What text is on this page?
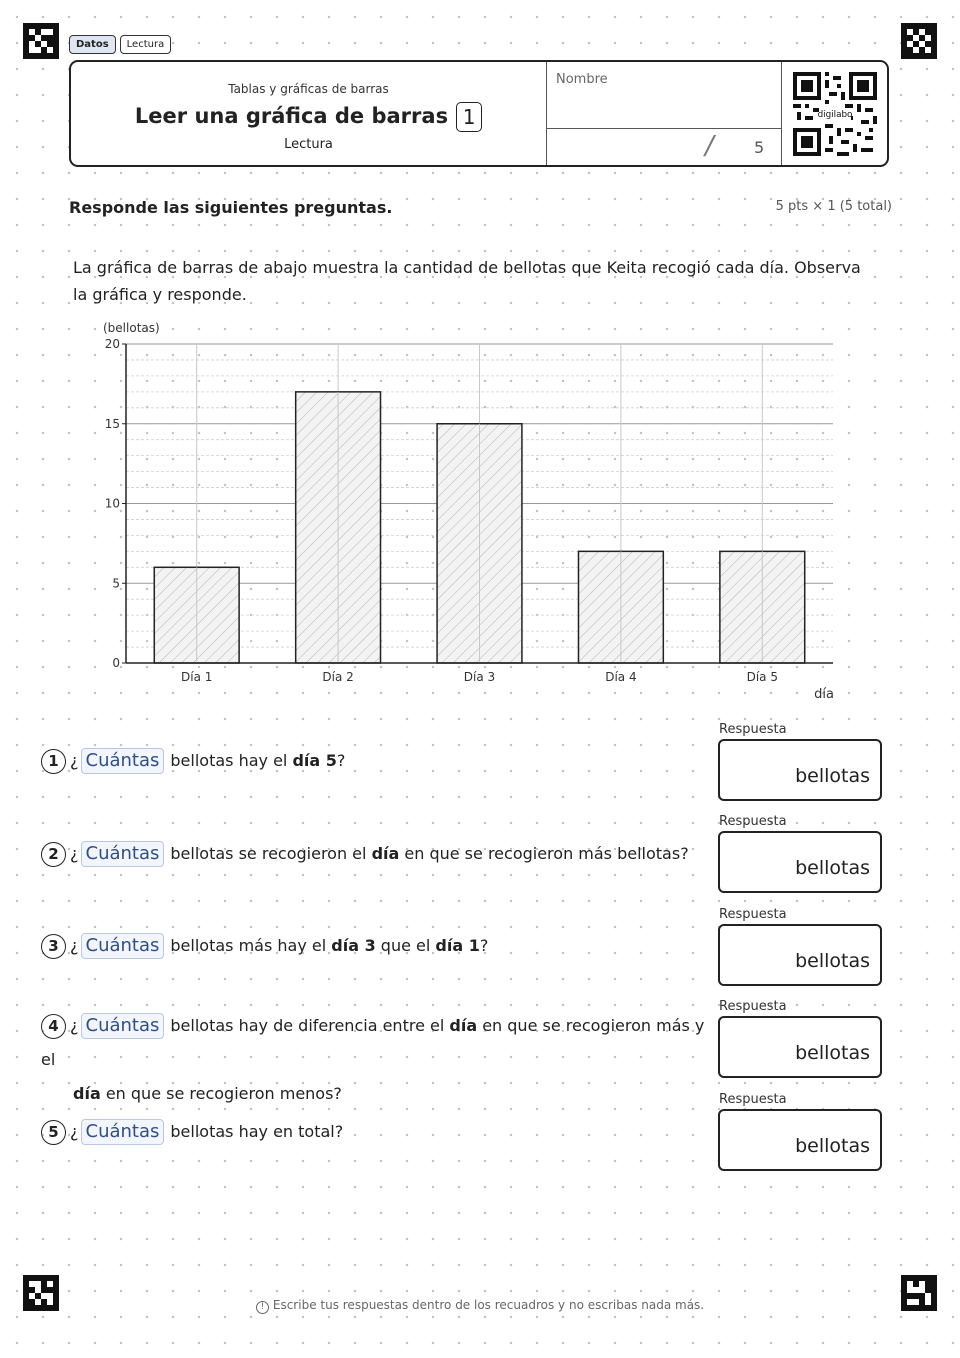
Datos	Lectura
Tablas y gráficas de barras
Leer una gráfica de barras 1
Lectura
Nombre
/	5
digilabo
Responde las siguientes preguntas.	5 pts × 1 (5 total)
La gráfica de barras de abajo muestra la cantidad de bellotas que Keita recogió cada día. Observa la gráfica y responde.
Día 5
Día 4
Día 3
Día 2
Día 1
20
15
10
5
0
(bellotas)
día
1 ¿ Cuántas bellotas hay el día 5?
Respuesta
bellotas
2 ¿ Cuántas bellotas se recogieron el día en que se recogieron más bellotas?
Respuesta
bellotas
3 ¿ Cuántas bellotas más hay el día 3 que el día 1?
Respuesta
bellotas
4 ¿ Cuántas bellotas hay de diferencia entre el día en que se recogieron más y el
día en que se recogieron menos?
Respuesta
bellotas
5 ¿ Cuántas bellotas hay en total?
Respuesta
bellotas
! Escribe tus respuestas dentro de los recuadros y no escribas nada más.
